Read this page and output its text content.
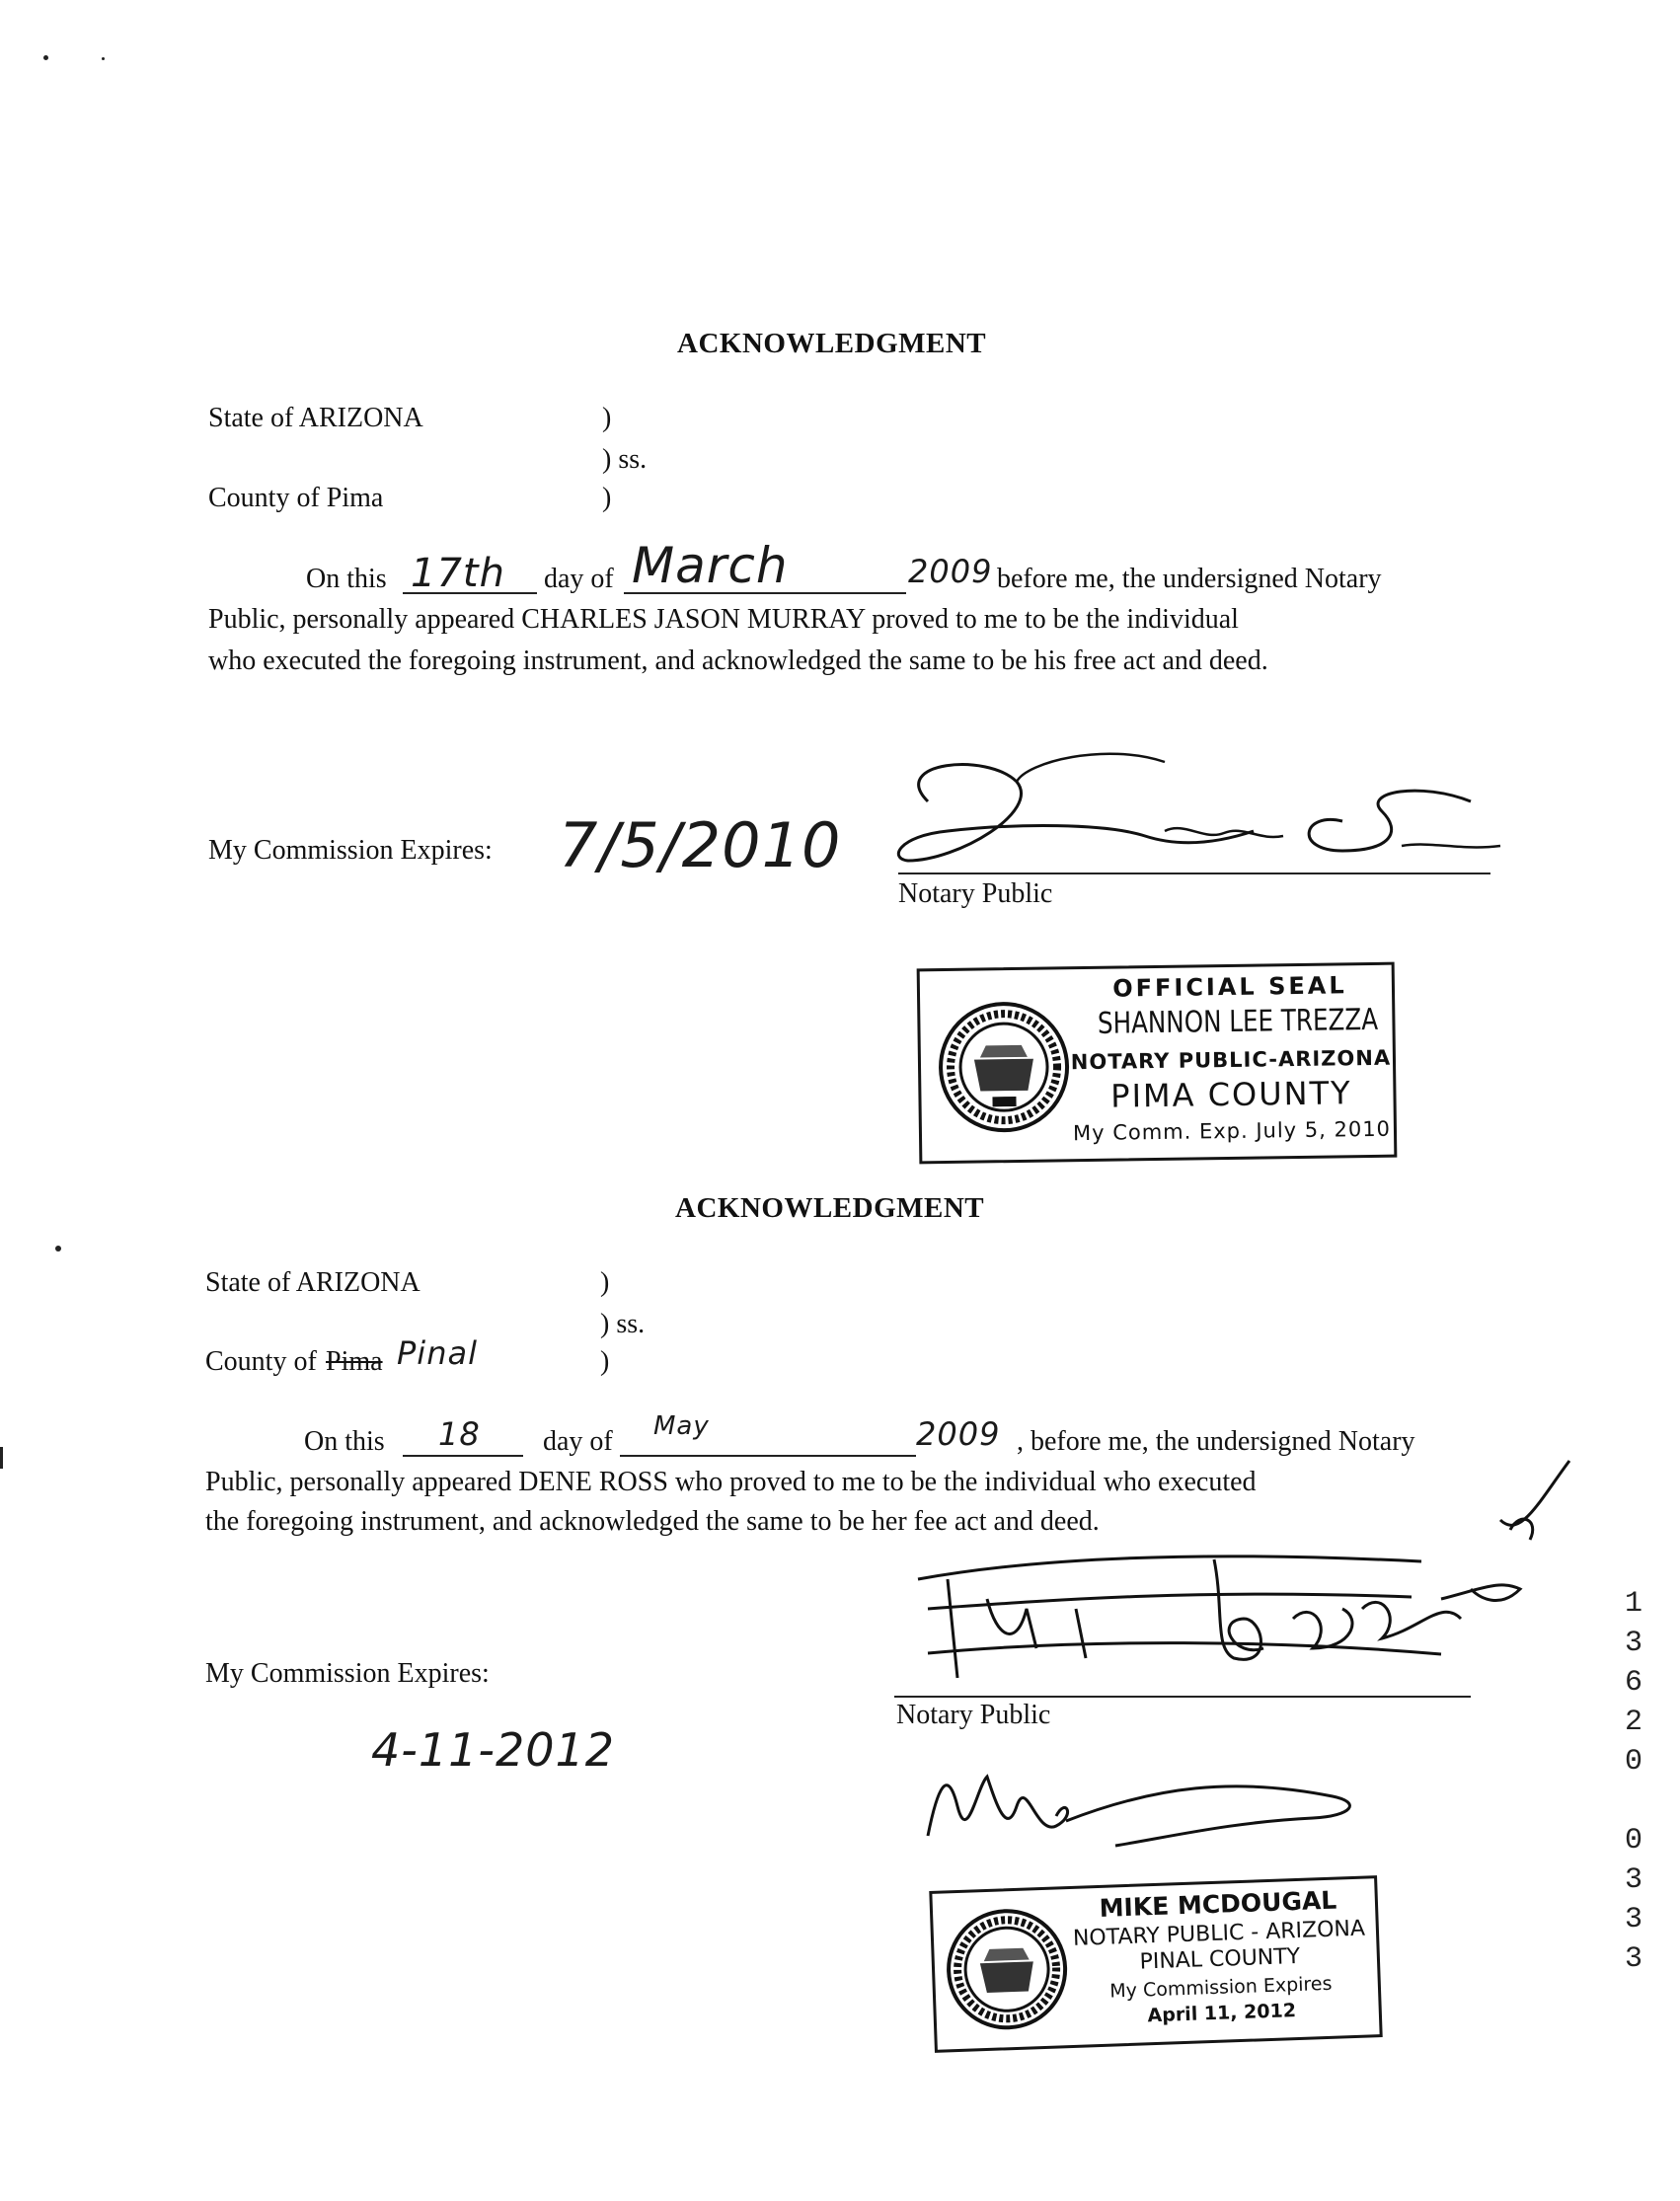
ACKNOWLEDGMENT
State of ARIZONA	)
) ss.
County of Pima	)
On this 17th day of March	2009 before me, the undersigned Notary
Public, personally appeared CHARLES JASON MURRAY proved to me to be the individual
who executed the foregoing instrument, and acknowledged the same to be his free act and deed.
My Commission Expires: 7/5/2010
Notary Public
OFFICIAL SEAL
SHANNON LEE TREZZA
NOTARY PUBLIC-ARIZONA
PIMA COUNTY
My Comm. Exp. July 5, 2010
ACKNOWLEDGMENT
State of ARIZONA	)
) ss.
County of Pima Pinal	)
On this 18 day of May	2009 , before me, the undersigned Notary
Public, personally appeared DENE ROSS who proved to me to be the individual who executed
the foregoing instrument, and acknowledged the same to be her fee act and deed.
My Commission Expires:
4-11-2012
Notary Public
MIKE MCDOUGAL
NOTARY PUBLIC - ARIZONA
PINAL COUNTY
My Commission Expires
April 11, 2012
1
3
6
2
0
0
3
3
3
